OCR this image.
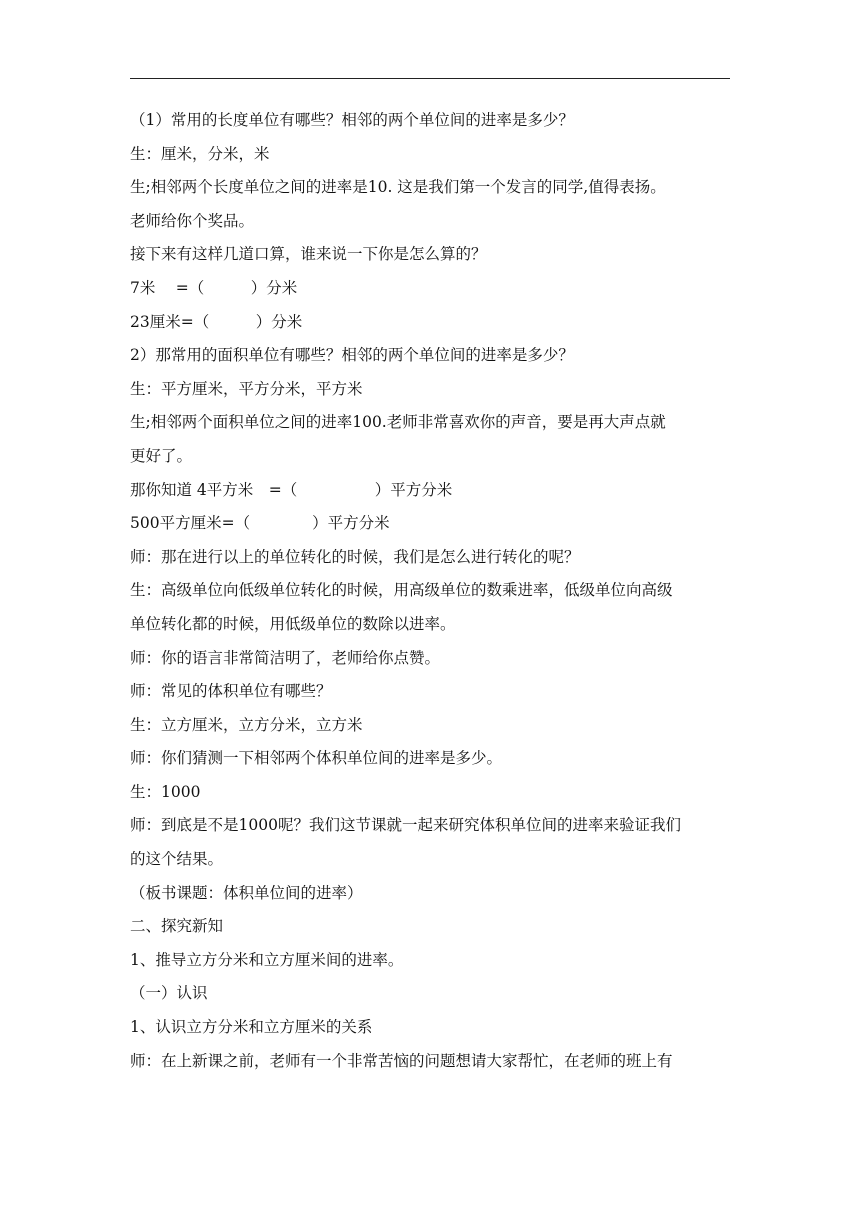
（1）常用的长度单位有哪些？相邻的两个单位间的进率是多少？
生：厘米，分米，米
生;相邻两个长度单位之间的进率是10. 这是我们第一个发言的同学,值得表扬。
老师给你个奖品。
接下来有这样几道口算，谁来说一下你是怎么算的？
7米　 =（　　　）分米
23厘米=（　　　）分米
2）那常用的面积单位有哪些？相邻的两个单位间的进率是多少？
生：平方厘米，平方分米，平方米
生;相邻两个面积单位之间的进率100.老师非常喜欢你的声音，要是再大声点就
更好了。
那你知道 4平方米　=（　　　　　）平方分米
500平方厘米=（　　　　）平方分米
师：那在进行以上的单位转化的时候，我们是怎么进行转化的呢？
生：高级单位向低级单位转化的时候，用高级单位的数乘进率，低级单位向高级
单位转化都的时候，用低级单位的数除以进率。
师：你的语言非常简洁明了，老师给你点赞。
师：常见的体积单位有哪些？
生：立方厘米，立方分米，立方米
师：你们猜测一下相邻两个体积单位间的进率是多少。
生：1000
师：到底是不是1000呢？我们这节课就一起来研究体积单位间的进率来验证我们
的这个结果。
（板书课题：体积单位间的进率）
二、探究新知
1、推导立方分米和立方厘米间的进率。
（一）认识
1、认识立方分米和立方厘米的关系
师：在上新课之前，老师有一个非常苦恼的问题想请大家帮忙，在老师的班上有
